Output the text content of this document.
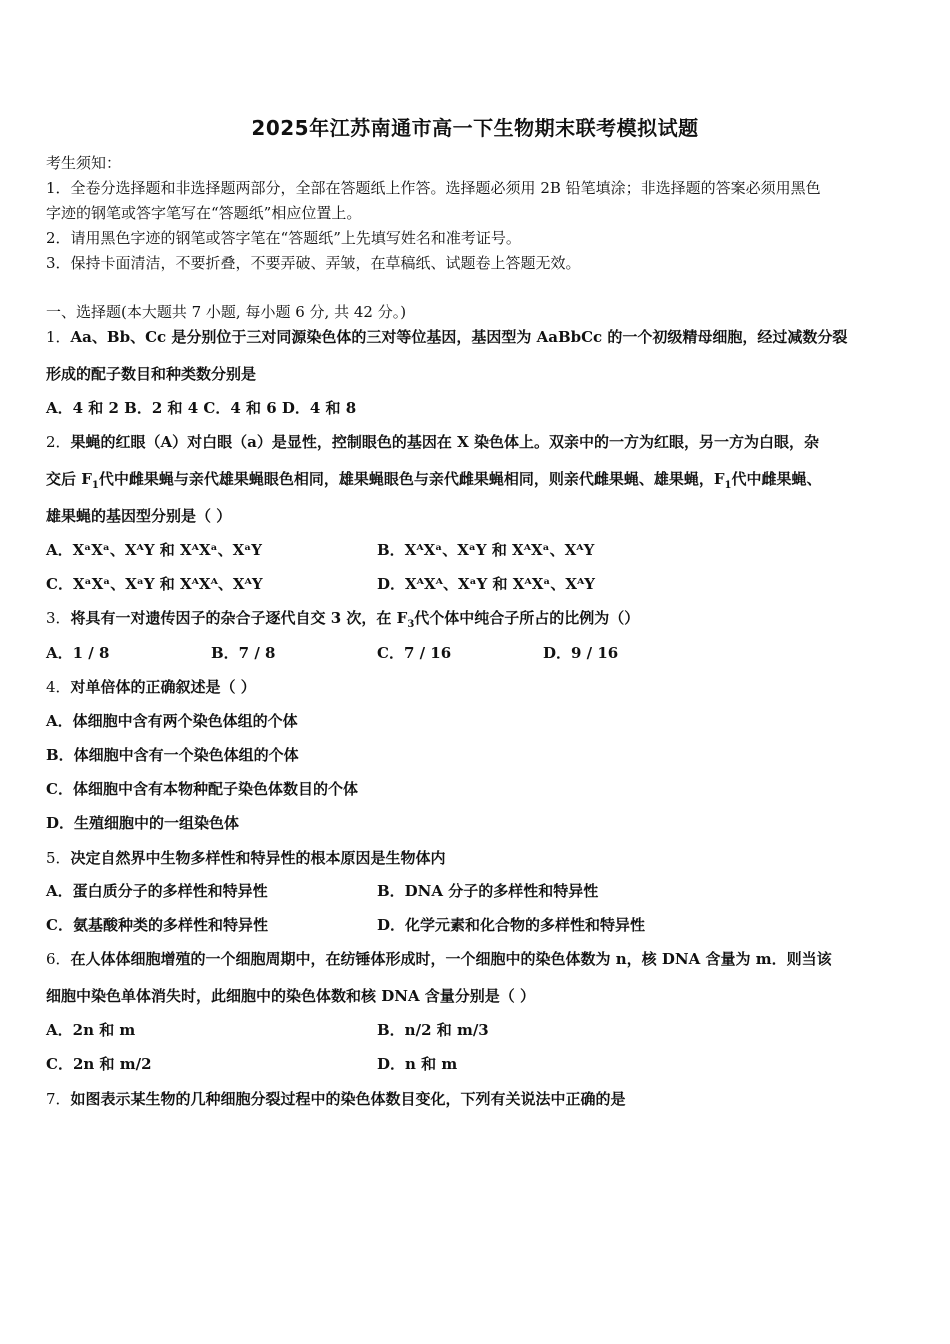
2025年江苏南通市高一下生物期末联考模拟试题
考生须知：
1．全卷分选择题和非选择题两部分，全部在答题纸上作答。选择题必须用 2B 铅笔填涂；非选择题的答案必须用黑色
字迹的钢笔或答字笔写在“答题纸”相应位置上。
2．请用黑色字迹的钢笔或答字笔在“答题纸”上先填写姓名和准考证号。
3．保持卡面清洁，不要折叠，不要弄破、弄皱，在草稿纸、试题卷上答题无效。
一、选择题(本大题共 7 小题, 每小题 6 分, 共 42 分。)
1．Aa、Bb、Cc 是分别位于三对同源染色体的三对等位基因，基因型为 AaBbCc 的一个初级精母细胞，经过减数分裂
形成的配子数目和种类数分别是
A．4 和 2 B．2 和 4 C．4 和 6 D．4 和 8
2．果蝇的红眼（A）对白眼（a）是显性，控制眼色的基因在 X 染色体上。双亲中的一方为红眼，另一方为白眼，杂
交后 $F_1$代中雌果蝇与亲代雄果蝇眼色相同，雄果蝇眼色与亲代雌果蝇相同，则亲代雌果蝇、雄果蝇，$F_1$代中雌果蝇、
雄果蝇的基因型分别是（ ）
A．XᵃXᵃ、XᴬY 和 XᴬXᵃ、XᵃY	B．XᴬXᵃ、XᵃY 和 XᴬXᵃ、XᴬY
C．XᵃXᵃ、XᵃY 和 XᴬXᴬ、XᴬY	D．XᴬXᴬ、XᵃY 和 XᴬXᵃ、XᴬY
3．将具有一对遗传因子的杂合子逐代自交 3 次，在 $F_3$代个体中纯合子所占的比例为（）
A．1 / 8	B．7 / 8	C．7 / 16	D．9 / 16
4．对单倍体的正确叙述是（ ）
A．体细胞中含有两个染色体组的个体
B．体细胞中含有一个染色体组的个体
C．体细胞中含有本物种配子染色体数目的个体
D．生殖细胞中的一组染色体
5．决定自然界中生物多样性和特异性的根本原因是生物体内
A．蛋白质分子的多样性和特异性	B．DNA 分子的多样性和特异性
C．氨基酸种类的多样性和特异性	D．化学元素和化合物的多样性和特异性
6．在人体体细胞增殖的一个细胞周期中，在纺锤体形成时，一个细胞中的染色体数为 n，核 DNA 含量为 m．则当该
细胞中染色单体消失时，此细胞中的染色体数和核 DNA 含量分别是（ ）
A．2n 和 m	B．n/2 和 m/3
C．2n 和 m/2	D．n 和 m
7．如图表示某生物的几种细胞分裂过程中的染色体数目变化，下列有关说法中正确的是
